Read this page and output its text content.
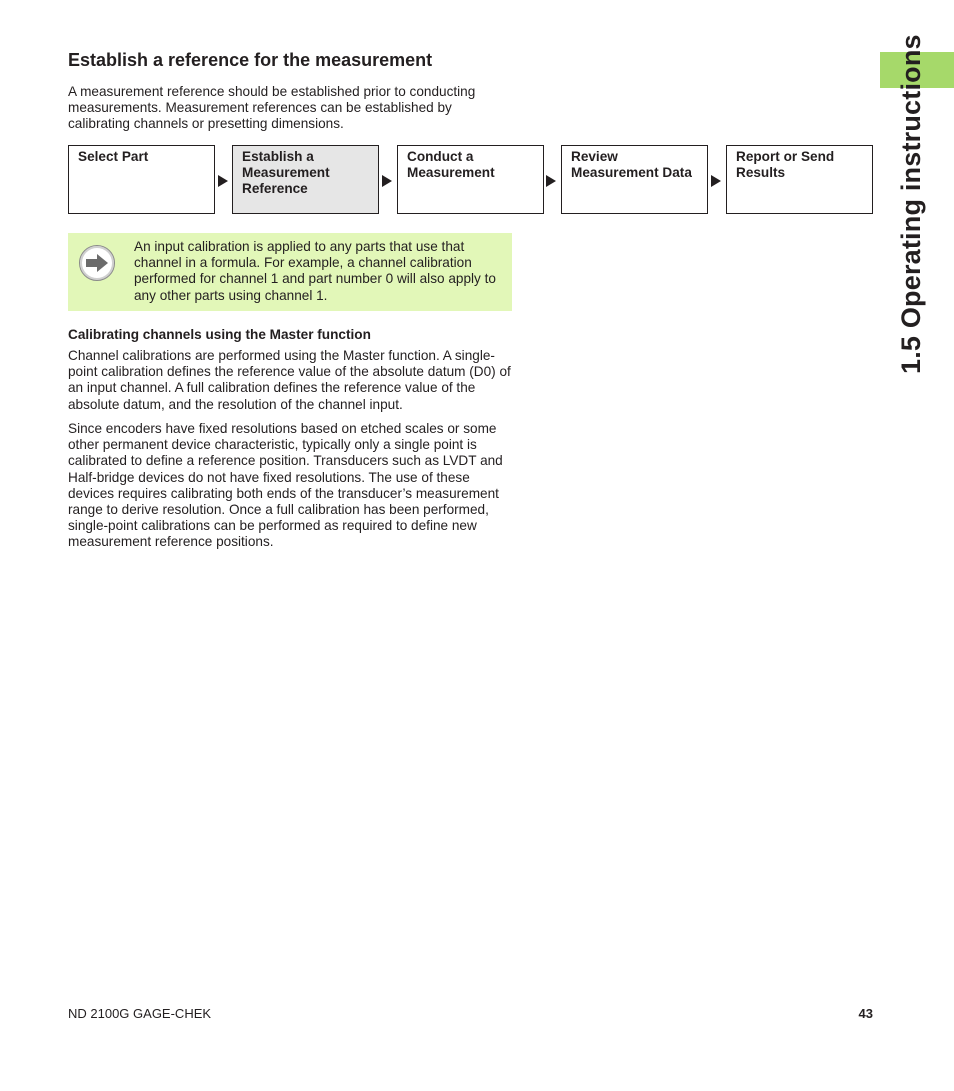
1.5 Operating instructions
Establish a reference for the measurement

A measurement reference should be established prior to conducting measurements. Measurement references can be established by calibrating channels or presetting dimensions.

Select Part	Establish a Measurement Reference
Conduct a Measurement
Review Measurement Data
Report or Send Results

An input calibration is applied to any parts that use that channel in a formula. For example, a channel calibration performed for channel 1 and part number 0 will also apply to any other parts using channel 1.

Calibrating channels using the Master function

Channel calibrations are performed using the Master function. A single-point calibration defines the reference value of the absolute datum (D0) of an input channel. A full calibration defines the reference value of the absolute datum, and the resolution of the channel input.

Since encoders have fixed resolutions based on etched scales or some other permanent device characteristic, typically only a single point is calibrated to define a reference position. Transducers such as LVDT and Half-bridge devices do not have fixed resolutions. The use of these devices requires calibrating both ends of the transducer’s measurement range to derive resolution. Once a full calibration has been performed, single-point calibrations can be performed as required to define new measurement reference positions.

ND 2100G GAGE-CHEK	43
